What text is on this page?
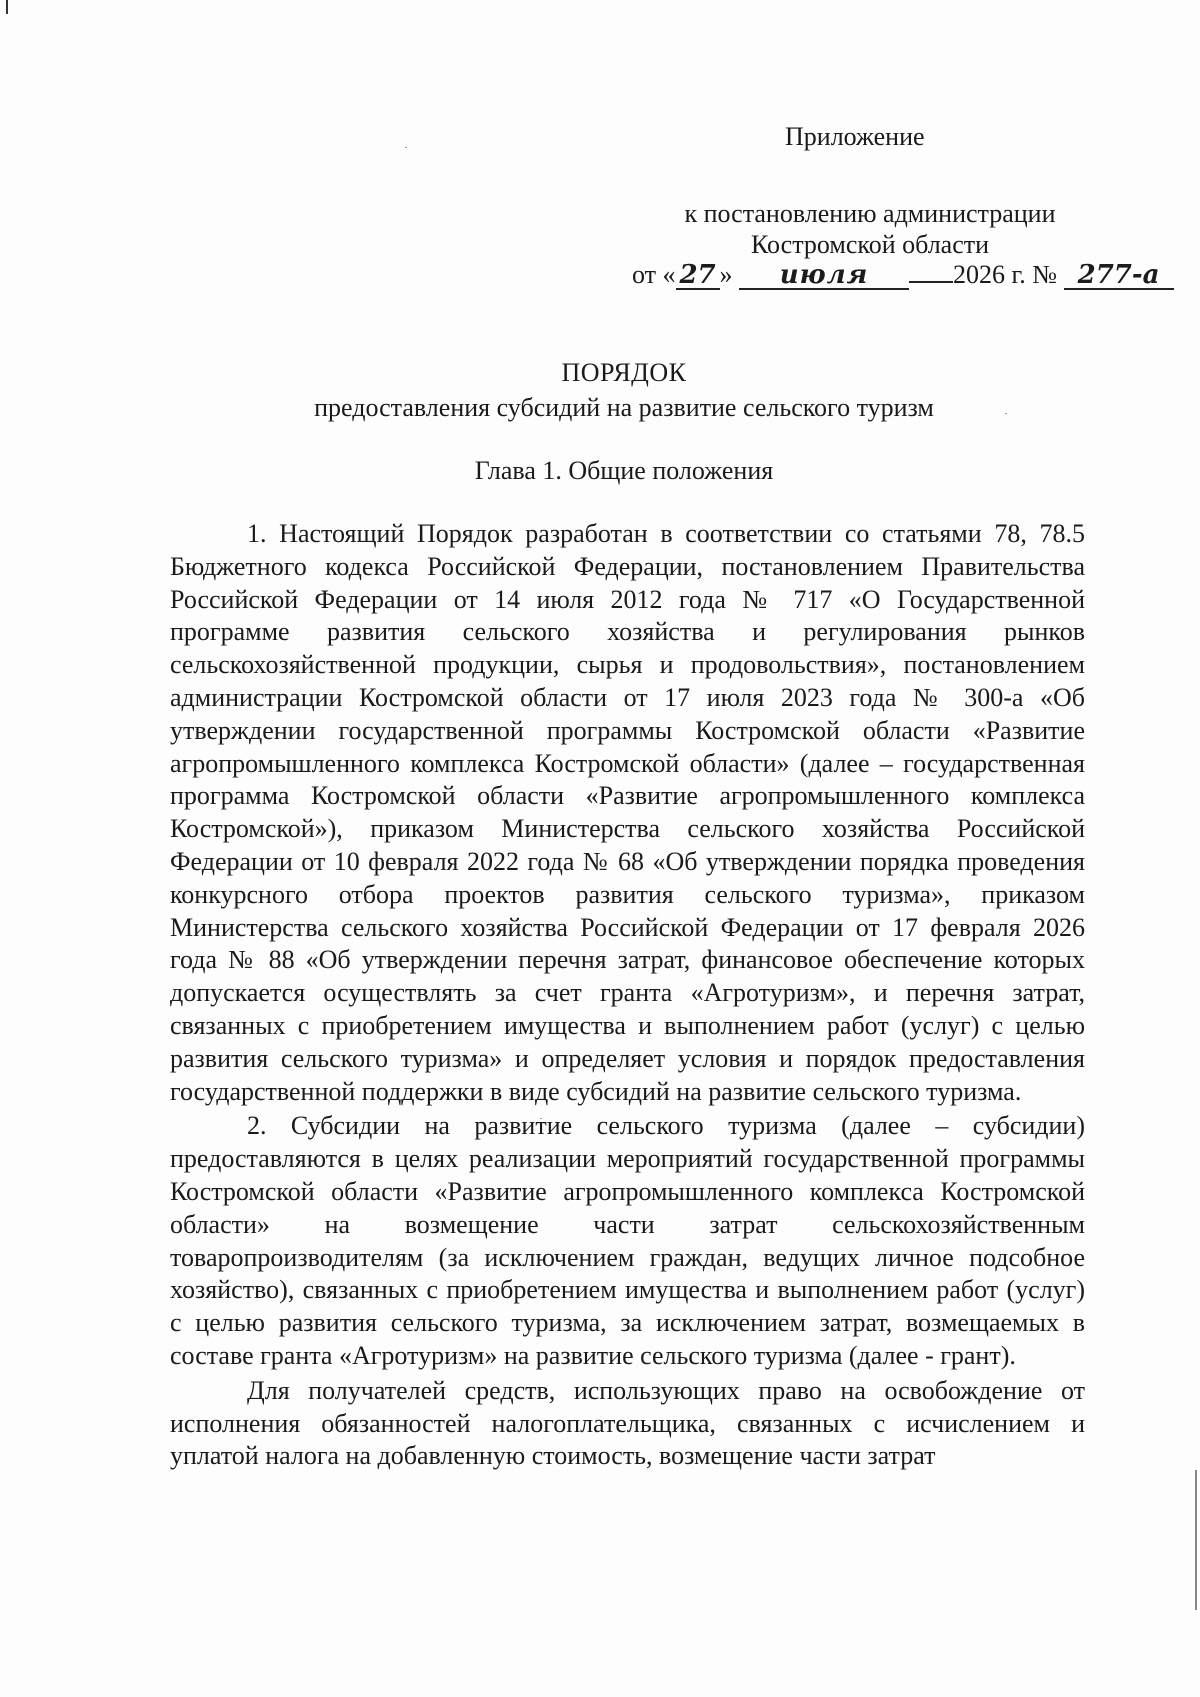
Приложение
к постановлению администрации
Костромской области
от « 27 » июля	2026 г. № 277-а
ПОРЯДОК
предоставления субсидий на развитие сельского туризм
Глава 1. Общие положения

1. Настоящий Порядок разработан в соответствии со статьями 78, 78.5 Бюджетного кодекса Российской Федерации, постановлением Правительства Российской Федерации от 14 июля 2012 года № 717 «О Государственной программе развития сельского хозяйства и регулирования рынков сельскохозяйственной продукции, сырья и продовольствия», постановлением администрации Костромской области от 17 июля 2023 года № 300-а «Об утверждении государственной программы Костромской области «Развитие агропромышленного комплекса Костромской области» (далее – государственная программа Костромской области «Развитие агропромышленного комплекса Костромской»), приказом Министерства сельского хозяйства Российской Федерации от 10 февраля 2022 года № 68 «Об утверждении порядка проведения конкурсного отбора проектов развития сельского туризма», приказом Министерства сельского хозяйства Российской Федерации от 17 февраля 2026 года № 88 «Об утверждении перечня затрат, финансовое обеспечение которых допускается осуществлять за счет гранта «Агротуризм», и перечня затрат, связанных с приобретением имущества и выполнением работ (услуг) с целью развития сельского туризма» и определяет условия и порядок предоставления государственной поддержки в виде субсидий на развитие сельского туризма.

2. Субсидии на развитие сельского туризма (далее – субсидии) предоставляются в целях реализации мероприятий государственной программы Костромской области «Развитие агропромышленного комплекса Костромской области» на возмещение части затрат сельскохозяйственным товаропроизводителям (за исключением граждан, ведущих личное подсобное хозяйство), связанных с приобретением имущества и выполнением работ (услуг) с целью развития сельского туризма, за исключением затрат, возмещаемых в составе гранта «Агротуризм» на развитие сельского туризма (далее - грант).

Для получателей средств, использующих право на освобождение от исполнения обязанностей налогоплательщика, связанных с исчислением и уплатой налога на добавленную стоимость, возмещение части затрат
